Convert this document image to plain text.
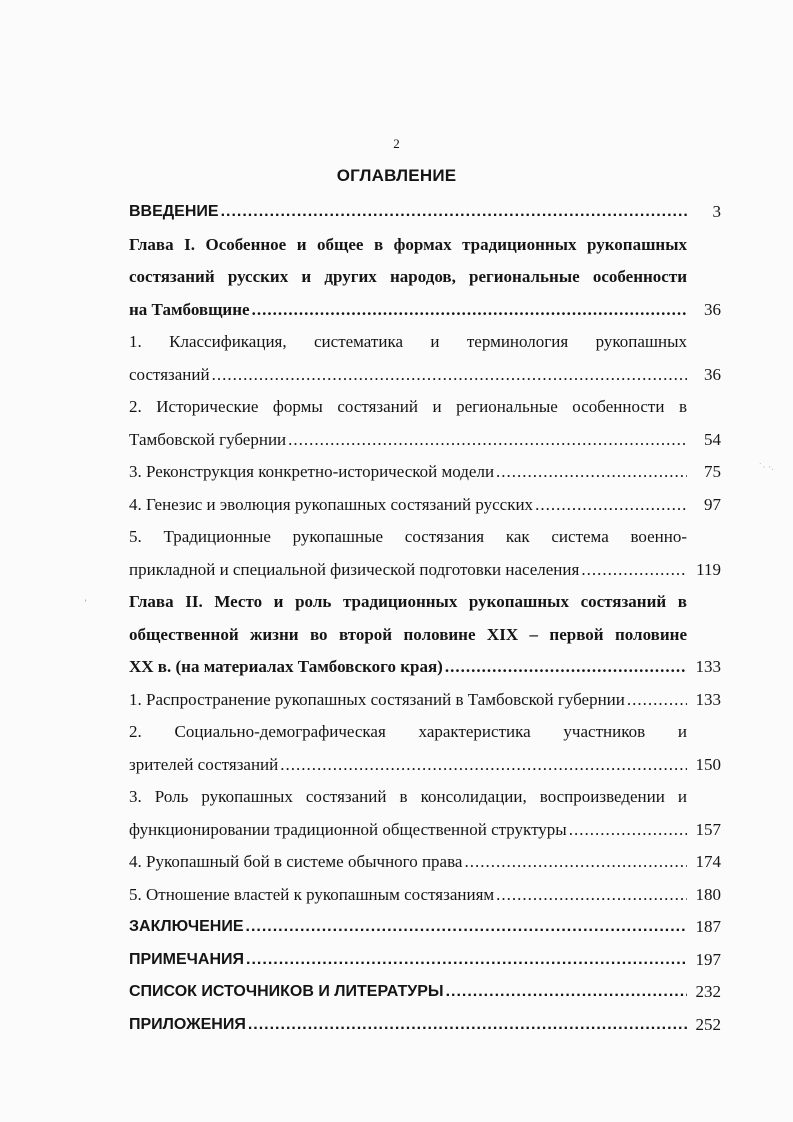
2
ОГЛАВЛЕНИЕ
ВВЕДЕНИЕ .....	3
Глава I. Особенное и общее в формах традиционных рукопашных
состязаний русских и других народов, региональные особенности
на Тамбовщине .....	36
1. Классификация, систематика и терминология рукопашных
состязаний .....	36
2. Исторические формы состязаний и региональные особенности в
Тамбовской губернии .....	54
3. Реконструкция конкретно-исторической модели .....	75
4. Генезис и эволюция рукопашных состязаний русских .....	97
5. Традиционные рукопашные состязания как система военно-
прикладной и специальной физической подготовки населения .....	119
Глава II. Место и роль традиционных рукопашных состязаний в
общественной жизни во второй половине XIX – первой половине
XX в. (на материалах Тамбовского края) .....	133
1. Распространение рукопашных состязаний в Тамбовской губернии .....	133
2. Социально-демографическая характеристика участников и
зрителей состязаний .....	150
3. Роль рукопашных состязаний в консолидации, воспроизведении и
функционировании традиционной общественной структуры .....	157
4. Рукопашный бой в системе обычного права .....	174
5. Отношение властей к рукопашным состязаниям .....	180
ЗАКЛЮЧЕНИЕ .....	187
ПРИМЕЧАНИЯ .....	197
СПИСОК ИСТОЧНИКОВ И ЛИТЕРАТУРЫ .....	232
ПРИЛОЖЕНИЯ .....	252
˙· ·.
ʼ
